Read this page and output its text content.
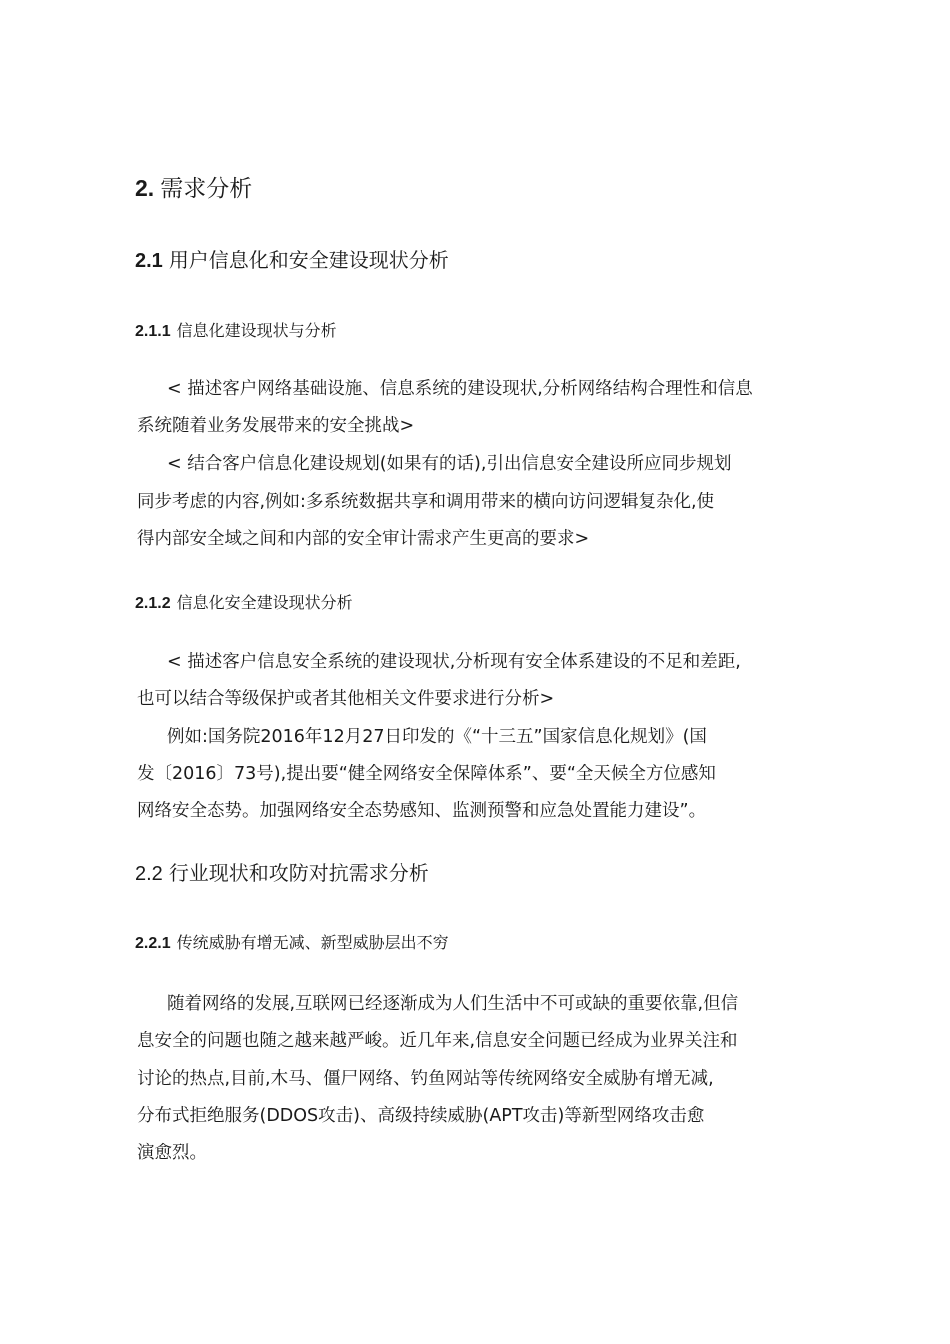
2. 需求分析
2.1 用户信息化和安全建设现状分析
2.1.1 信息化建设现状与分析
< 描述客户网络基础设施、信息系统的建设现状,分析网络结构合理性和信息
系统随着业务发展带来的安全挑战>
< 结合客户信息化建设规划(如果有的话),引出信息安全建设所应同步规划
同步考虑的内容,例如:多系统数据共享和调用带来的横向访问逻辑复杂化,使
得内部安全域之间和内部的安全审计需求产生更高的要求>
2.1.2 信息化安全建设现状分析
< 描述客户信息安全系统的建设现状,分析现有安全体系建设的不足和差距,
也可以结合等级保护或者其他相关文件要求进行分析>
例如:国务院2016年12月27日印发的《“十三五”国家信息化规划》(国
发〔2016〕73号),提出要“健全网络安全保障体系”、要“全天候全方位感知
网络安全态势。加强网络安全态势感知、监测预警和应急处置能力建设”。
2.2 行业现状和攻防对抗需求分析
2.2.1 传统威胁有增无减、新型威胁层出不穷
随着网络的发展,互联网已经逐渐成为人们生活中不可或缺的重要依靠,但信
息安全的问题也随之越来越严峻。近几年来,信息安全问题已经成为业界关注和
讨论的热点,目前,木马、僵尸网络、钓鱼网站等传统网络安全威胁有增无减,
分布式拒绝服务(DDOS攻击)、高级持续威胁(APT攻击)等新型网络攻击愈
演愈烈。
